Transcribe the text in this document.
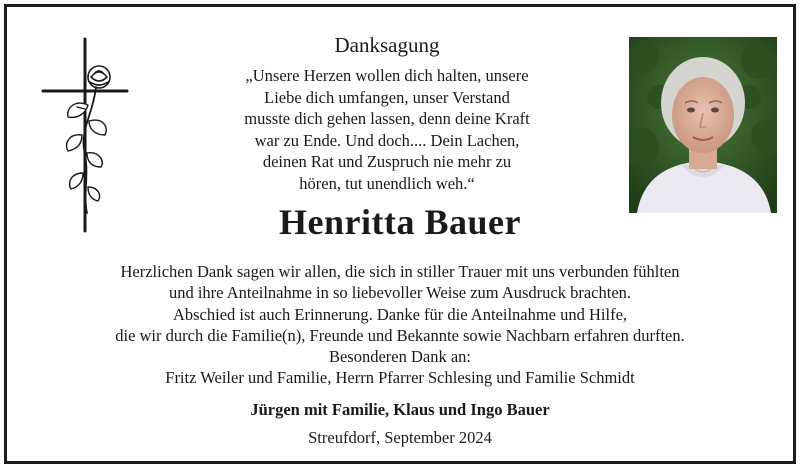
Danksagung
„Unsere Herzen wollen dich halten, unsere
Liebe dich umfangen, unser Verstand
musste dich gehen lassen, denn deine Kraft
war zu Ende. Und doch.... Dein Lachen,
deinen Rat und Zuspruch nie mehr zu
hören, tut unendlich weh.“
Henritta Bauer
Herzlichen Dank sagen wir allen, die sich in stiller Trauer mit uns verbunden fühlten
und ihre Anteilnahme in so liebevoller Weise zum Ausdruck brachten.
Abschied ist auch Erinnerung. Danke für die Anteilnahme und Hilfe,
die wir durch die Familie(n), Freunde und Bekannte sowie Nachbarn erfahren durften.
Besonderen Dank an:
Fritz Weiler und Familie, Herrn Pfarrer Schlesing und Familie Schmidt
Jürgen mit Familie, Klaus und Ingo Bauer
Streufdorf, September 2024
